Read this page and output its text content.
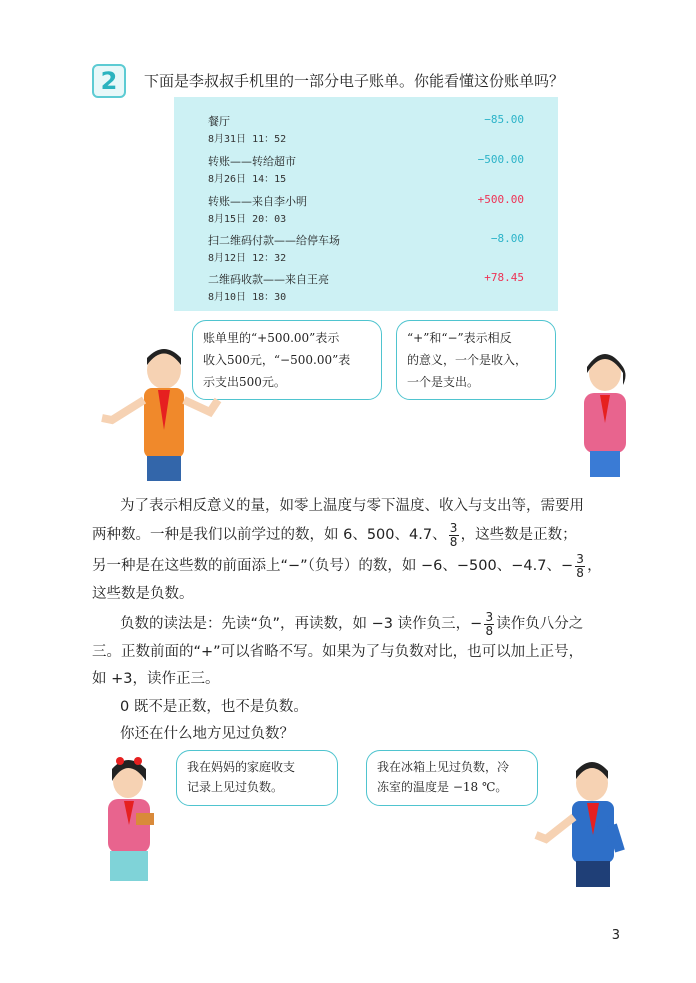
2	下面是李叔叔手机里的一部分电子账单。你能看懂这份账单吗？
餐厅
8月31日 11：52
−85.00
转账——转给超市
8月26日 14：15
−500.00
转账——来自李小明
8月15日 20：03
+500.00
扫二维码付款——给停车场
8月12日 12：32
−8.00
二维码收款——来自王亮
8月10日 18：30
+78.45
账单里的“+500.00”表示
收入500元，“−500.00”表
示支出500元。
“+”和“−”表示相反
的意义，一个是收入，
一个是支出。
为了表示相反意义的量，如零上温度与零下温度、收入与支出等，需要用
两种数。一种是我们以前学过的数，如 6、500、4.7、 $\frac{3}{8}$ ，这些数是正数；
另一种是在这些数的前面添上“−”（负号）的数，如 −6、−500、−4.7、− $\frac{3}{8}$ ，
这些数是负数。
负数的读法是：先读“负”，再读数，如 −3 读作负三，− $\frac{3}{8}$ 读作负八分之
三。正数前面的“+”可以省略不写。如果为了与负数对比，也可以加上正号，
如 +3，读作正三。
0 既不是正数，也不是负数。
你还在什么地方见过负数？
我在妈妈的家庭收支
记录上见过负数。
我在冰箱上见过负数，冷
冻室的温度是 −18 ℃。
3
